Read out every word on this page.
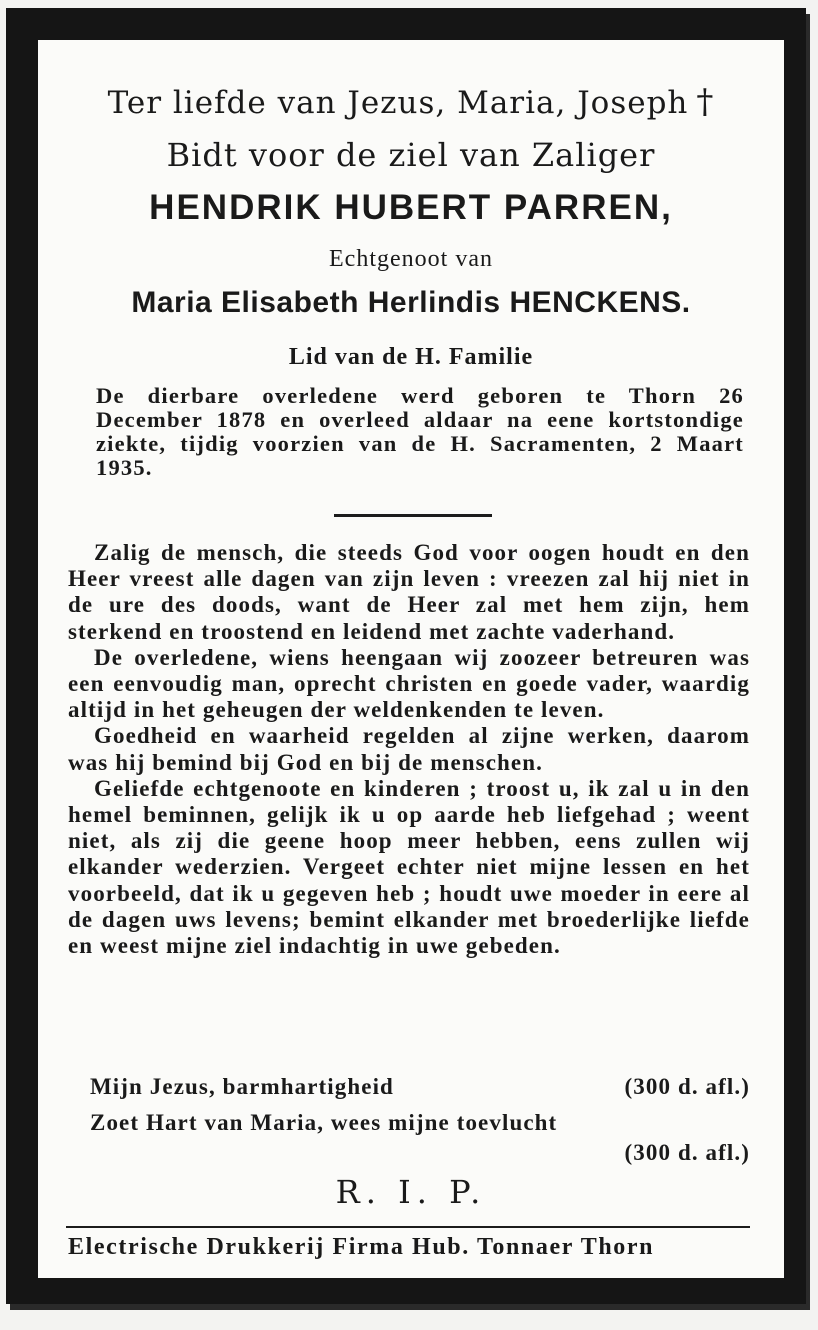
Ter liefde van Jezus, Maria, Joseph †
Bidt voor de ziel van Zaliger
HENDRIK HUBERT PARREN,
Echtgenoot van
Maria Elisabeth Herlindis HENCKENS.
Lid van de H. Familie
De dierbare overledene werd geboren te Thorn 26 December 1878 en overleed aldaar na eene kortstondige ziekte, tijdig voorzien van de H. Sacramenten, 2 Maart 1935.

Zalig de mensch, die steeds God voor oogen houdt en den Heer vreest alle dagen van zijn leven : vreezen zal hij niet in de ure des doods, want de Heer zal met hem zijn, hem sterkend en troostend en leidend met zachte vaderhand.

De overledene, wiens heengaan wij zoozeer betreuren was een eenvoudig man, oprecht christen en goede vader, waardig altijd in het geheugen der weldenkenden te leven.

Goedheid en waarheid regelden al zijne werken, daarom was hij bemind bij God en bij de menschen.

Geliefde echtgenoote en kinderen ; troost u, ik zal u in den hemel beminnen, gelijk ik u op aarde heb liefgehad ; weent niet, als zij die geene hoop meer hebben, eens zullen wij elkander wederzien. Vergeet echter niet mijne lessen en het voorbeeld, dat ik u gegeven heb ; houdt uwe moeder in eere al de dagen uws levens; bemint elkander met broederlijke liefde en weest mijne ziel indachtig in uwe gebeden.

Mijn Jezus, barmhartigheid	(300 d. afl.)
Zoet Hart van Maria, wees mijne toevlucht
(300 d. afl.)
R. I. P.
Electrische Drukkerij Firma Hub. Tonnaer Thorn
